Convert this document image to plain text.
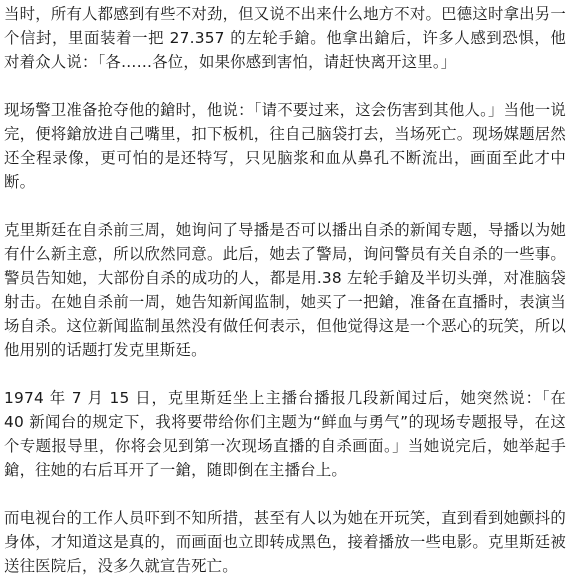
当时，所有人都感到有些不对劲，但又说不出来什么地方不对。巴德这时拿出另一个信封，里面装着一把 27.357 的左轮手鎗。他拿出鎗后，许多人感到恐惧，他对着众人说：「各……各位，如果你感到害怕，请赶快离开这里。」

现场警卫准备抢夺他的鎗时，他说：「请不要过来，这会伤害到其他人。」当他一说完，便将鎗放进自己嘴里，扣下板机，往自己脑袋打去，当场死亡。现场媒题居然还全程录像，更可怕的是还特写，只见脑浆和血从鼻孔不断流出，画面至此才中断。

克里斯廷在自杀前三周，她询问了导播是否可以播出自杀的新闻专题，导播以为她有什么新主意，所以欣然同意。此后，她去了警局，询问警员有关自杀的一些事。警员告知她，大部份自杀的成功的人，都是用.38 左轮手鎗及半切头弹，对准脑袋射击。在她自杀前一周，她告知新闻监制，她买了一把鎗，准备在直播时，表演当场自杀。这位新闻监制虽然没有做任何表示，但他觉得这是一个恶心的玩笑，所以他用别的话题打发克里斯廷。

1974 年 7 月 15 日，克里斯廷坐上主播台播报几段新闻过后，她突然说：「在 40 新闻台的规定下，我将要带给你们主题为“鲜血与勇气”的现场专题报导，在这个专题报导里，你将会见到第一次现场直播的自杀画面。」当她说完后，她举起手鎗，往她的右后耳开了一鎗，随即倒在主播台上。

而电视台的工作人员吓到不知所措，甚至有人以为她在开玩笑，直到看到她颤抖的身体，才知道这是真的，而画面也立即转成黑色，接着播放一些电影。克里斯廷被送往医院后，没多久就宣告死亡。
